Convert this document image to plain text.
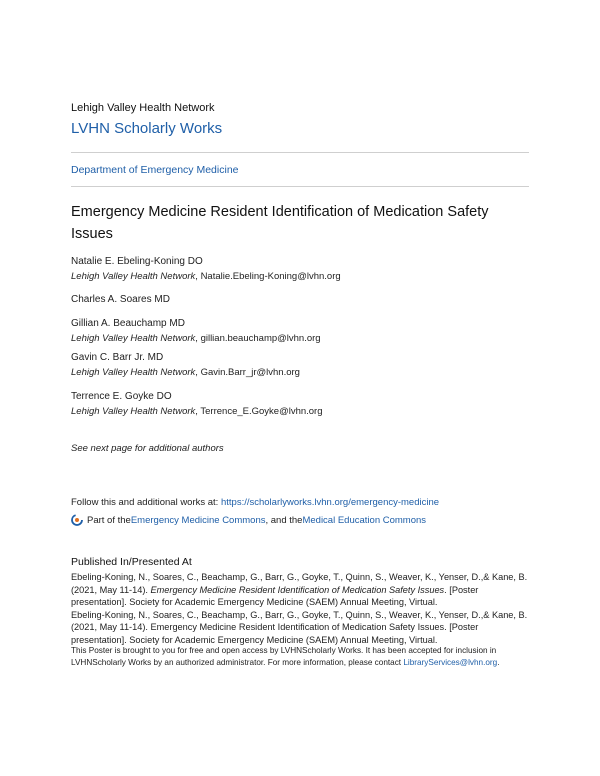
Lehigh Valley Health Network
LVHN Scholarly Works
Department of Emergency Medicine
Emergency Medicine Resident Identification of Medication Safety Issues
Natalie E. Ebeling-Koning DO
Lehigh Valley Health Network, Natalie.Ebeling-Koning@lvhn.org
Charles A. Soares MD
Gillian A. Beauchamp MD
Lehigh Valley Health Network, gillian.beauchamp@lvhn.org
Gavin C. Barr Jr. MD
Lehigh Valley Health Network, Gavin.Barr_jr@lvhn.org
Terrence E. Goyke DO
Lehigh Valley Health Network, Terrence_E.Goyke@lvhn.org
See next page for additional authors
Follow this and additional works at: https://scholarlyworks.lvhn.org/emergency-medicine
Part of the Emergency Medicine Commons , and the Medical Education Commons
Published In/Presented At
Ebeling-Koning, N., Soares, C., Beachamp, G., Barr, G., Goyke, T., Quinn, S., Weaver, K., Yenser, D.,& Kane, B. (2021, May 11-14). Emergency Medicine Resident Identification of Medication Safety Issues. [Poster presentation]. Society for Academic Emergency Medicine (SAEM) Annual Meeting, Virtual.
Ebeling-Koning, N., Soares, C., Beachamp, G., Barr, G., Goyke, T., Quinn, S., Weaver, K., Yenser, D.,& Kane, B. (2021, May 11-14). Emergency Medicine Resident Identification of Medication Safety Issues. [Poster presentation]. Society for Academic Emergency Medicine (SAEM) Annual Meeting, Virtual.
This Poster is brought to you for free and open access by LVHNScholarly Works. It has been accepted for inclusion in LVHNScholarly Works by an authorized administrator. For more information, please contact LibraryServices@lvhn.org.
